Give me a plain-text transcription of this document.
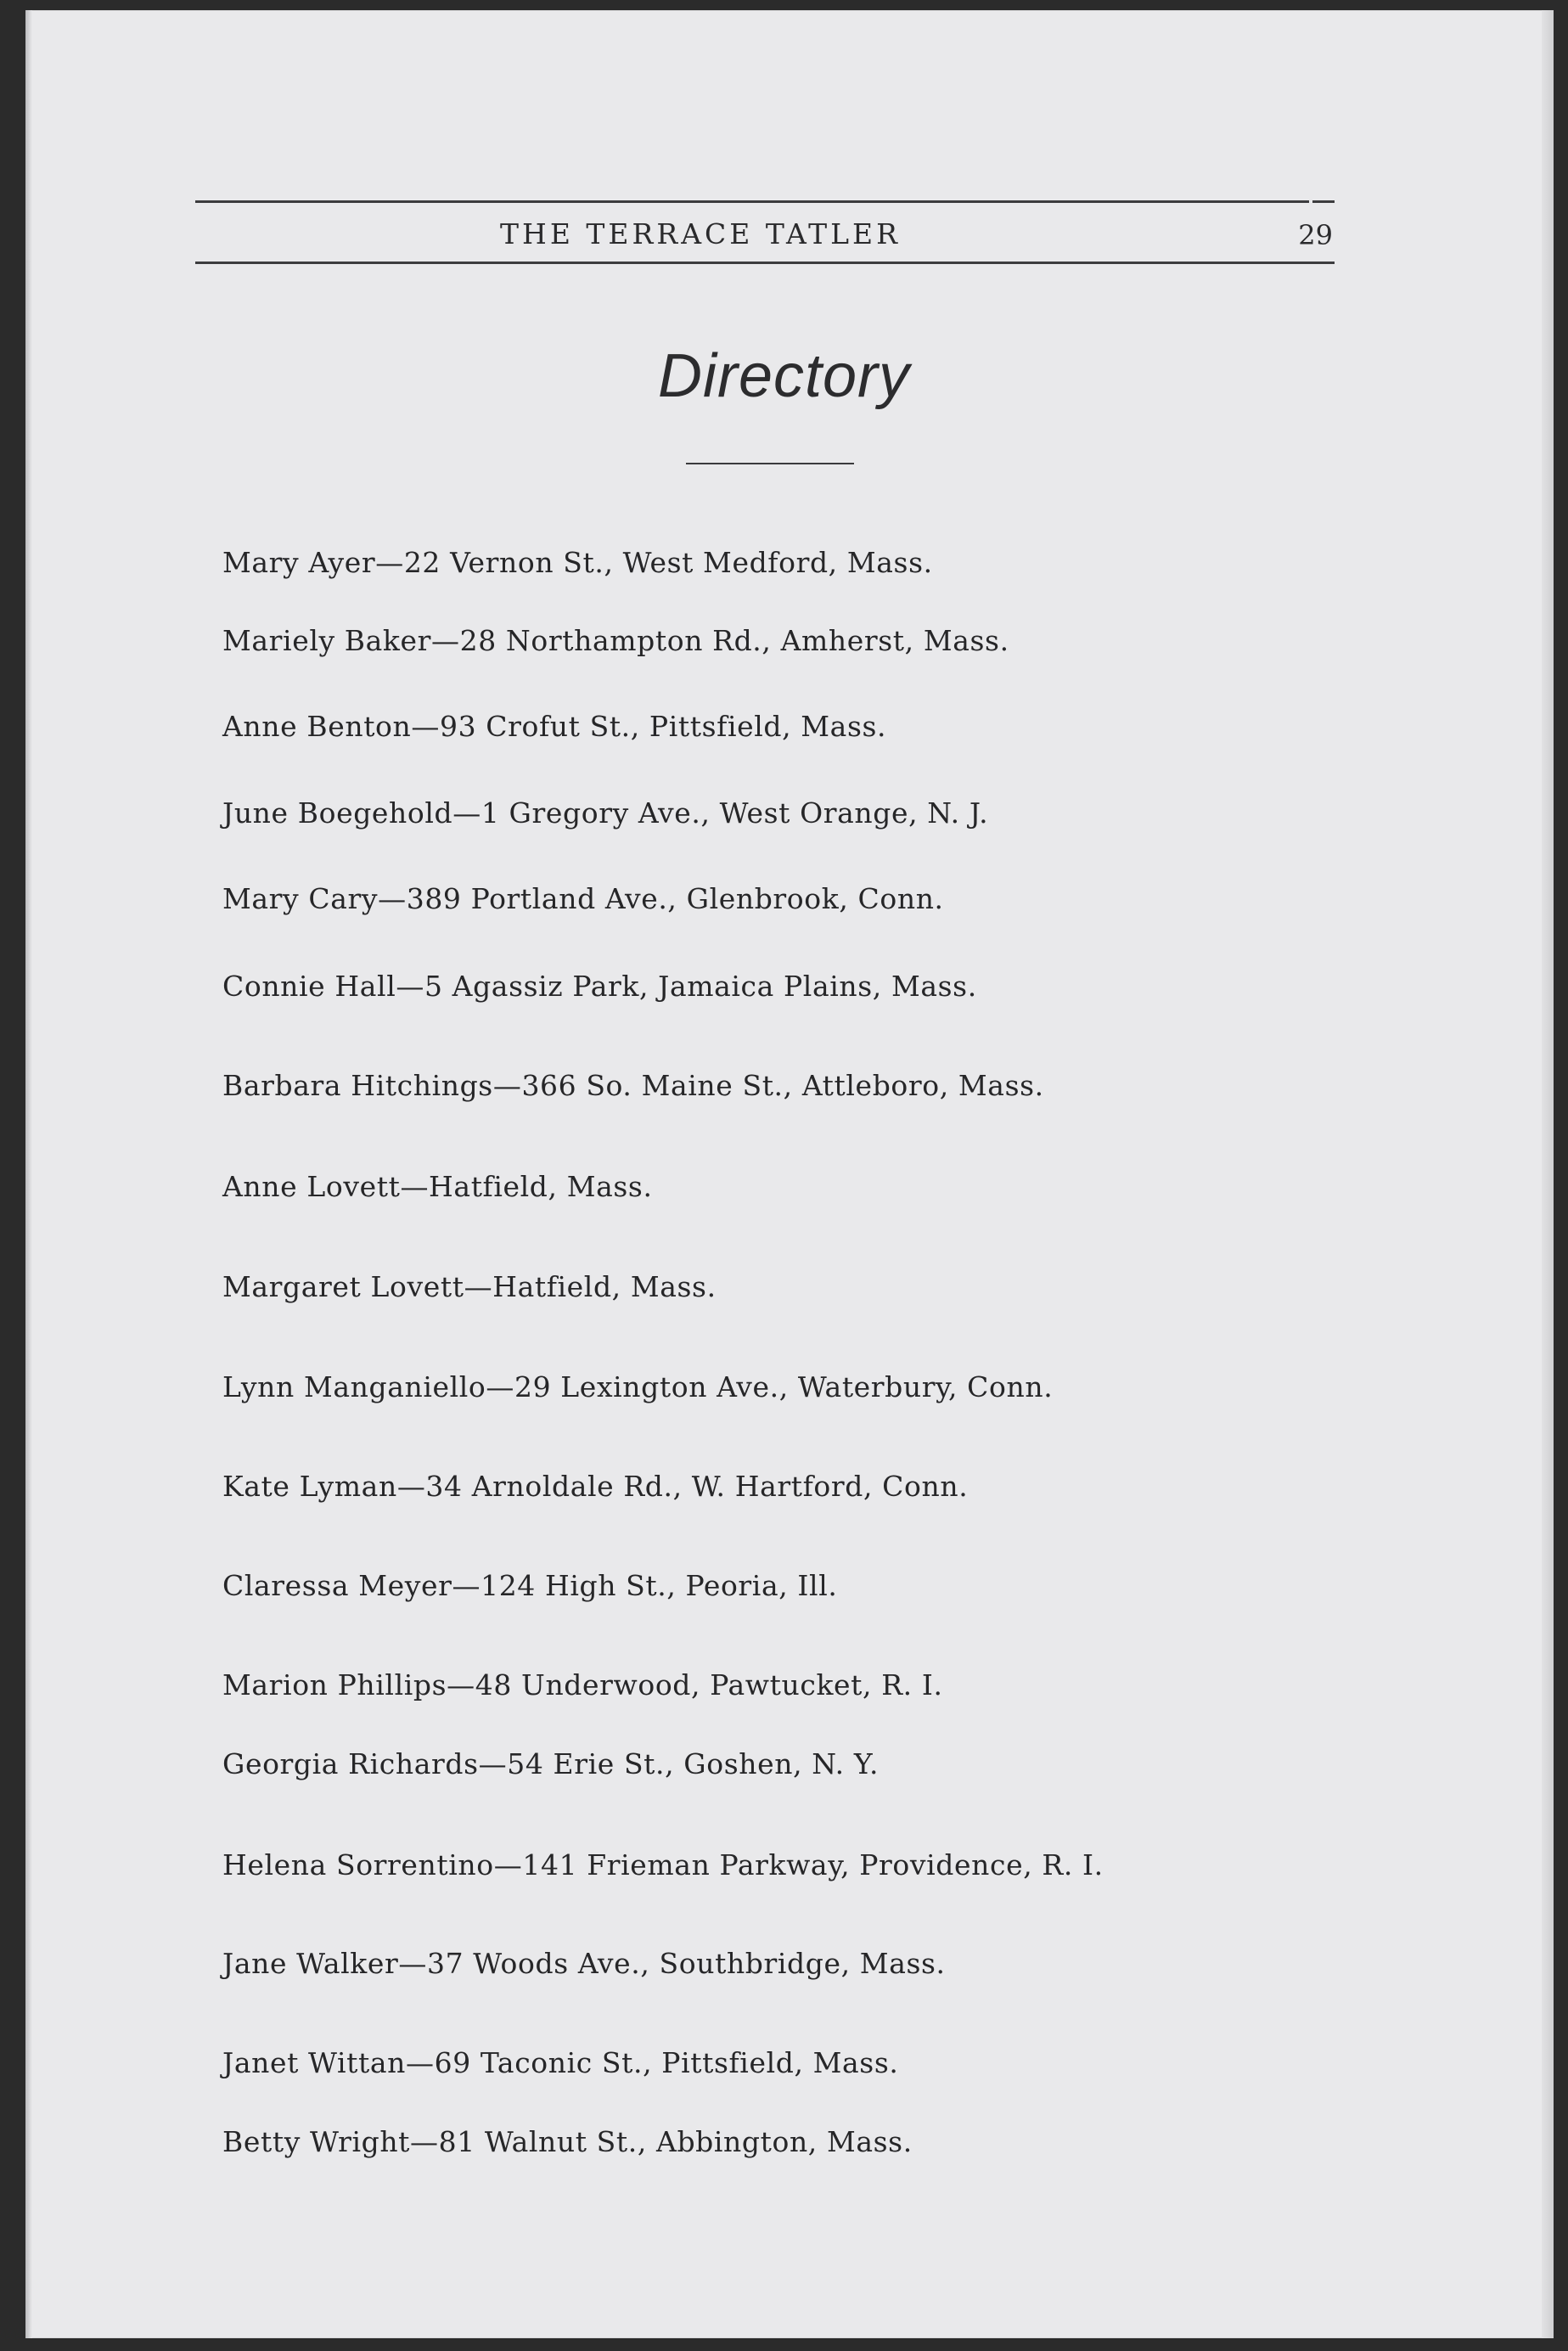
THE TERRACE TATLER	29
Directory
Mary Ayer — 22 Vernon St., West Medford, Mass.
Mariely Baker — 28 Northampton Rd., Amherst, Mass.
Anne Benton — 93 Crofut St., Pittsfield, Mass.
June Boegehold — 1 Gregory Ave., West Orange, N. J.
Mary Cary — 389 Portland Ave., Glenbrook, Conn.
Connie Hall — 5 Agassiz Park, Jamaica Plains, Mass.
Barbara Hitchings — 366 So. Maine St., Attleboro, Mass.
Anne Lovett — Hatfield, Mass.
Margaret Lovett — Hatfield, Mass.
Lynn Manganiello — 29 Lexington Ave., Waterbury, Conn.
Kate Lyman — 34 Arnoldale Rd., W. Hartford, Conn.
Claressa Meyer — 124 High St., Peoria, Ill.
Marion Phillips — 48 Underwood, Pawtucket, R. I.
Georgia Richards — 54 Erie St., Goshen, N. Y.
Helena Sorrentino — 141 Frieman Parkway, Providence, R. I.
Jane Walker — 37 Woods Ave., Southbridge, Mass.
Janet Wittan — 69 Taconic St., Pittsfield, Mass.
Betty Wright — 81 Walnut St., Abbington, Mass.
